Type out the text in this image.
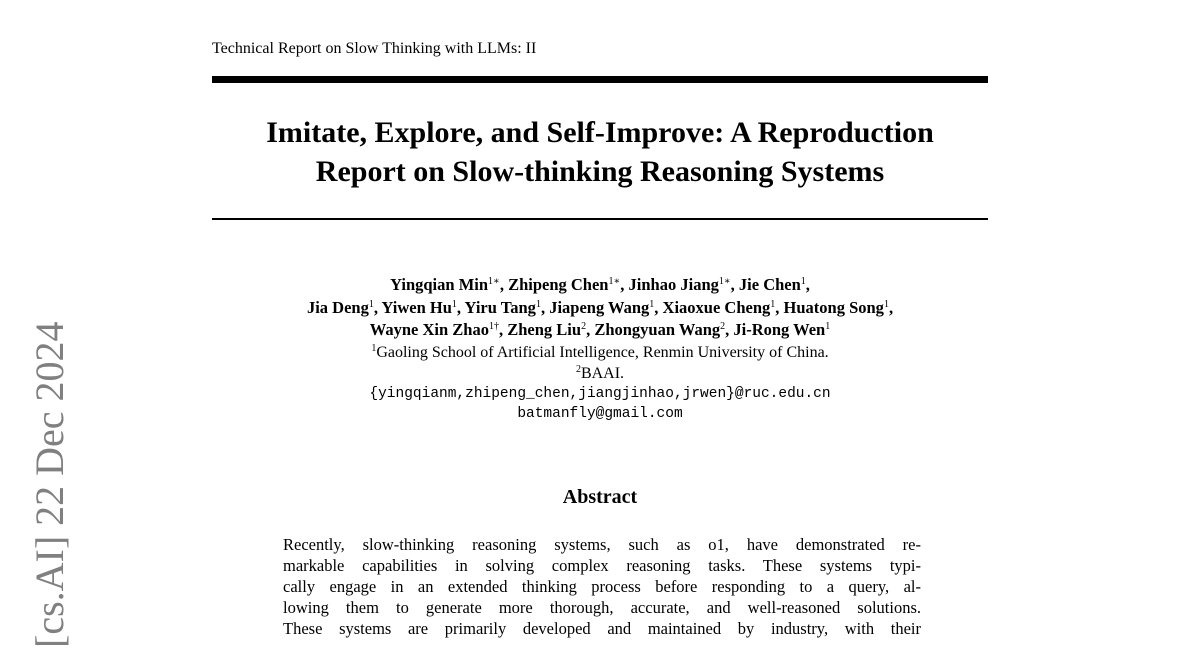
Technical Report on Slow Thinking with LLMs: II
Imitate, Explore, and Self-Improve: A Reproduction
Report on Slow-thinking Reasoning Systems
Yingqian Min$^{1∗}$, Zhipeng Chen$^{1∗}$, Jinhao Jiang$^{1∗}$, Jie Chen$^1$,
Jia Deng$^1$, Yiwen Hu$^1$, Yiru Tang$^1$, Jiapeng Wang$^1$, Xiaoxue Cheng$^1$, Huatong Song$^1$,
Wayne Xin Zhao$^{1\dagger}$, Zheng Liu$^2$, Zhongyuan Wang$^2$, Ji-Rong Wen$^1$
$^1$Gaoling School of Artificial Intelligence, Renmin University of China.
$^2$BAAI.
{yingqianm,zhipeng_chen,jiangjinhao,jrwen}@ruc.edu.cn
batmanfly@gmail.com
Abstract
Recently, slow-thinking reasoning systems, such as o1, have demonstrated re-
markable capabilities in solving complex reasoning tasks. These systems typi-
cally engage in an extended thinking process before responding to a query, al-
lowing them to generate more thorough, accurate, and well-reasoned solutions.
These systems are primarily developed and maintained by industry, with their
[cs.AI] 22 Dec 2024
